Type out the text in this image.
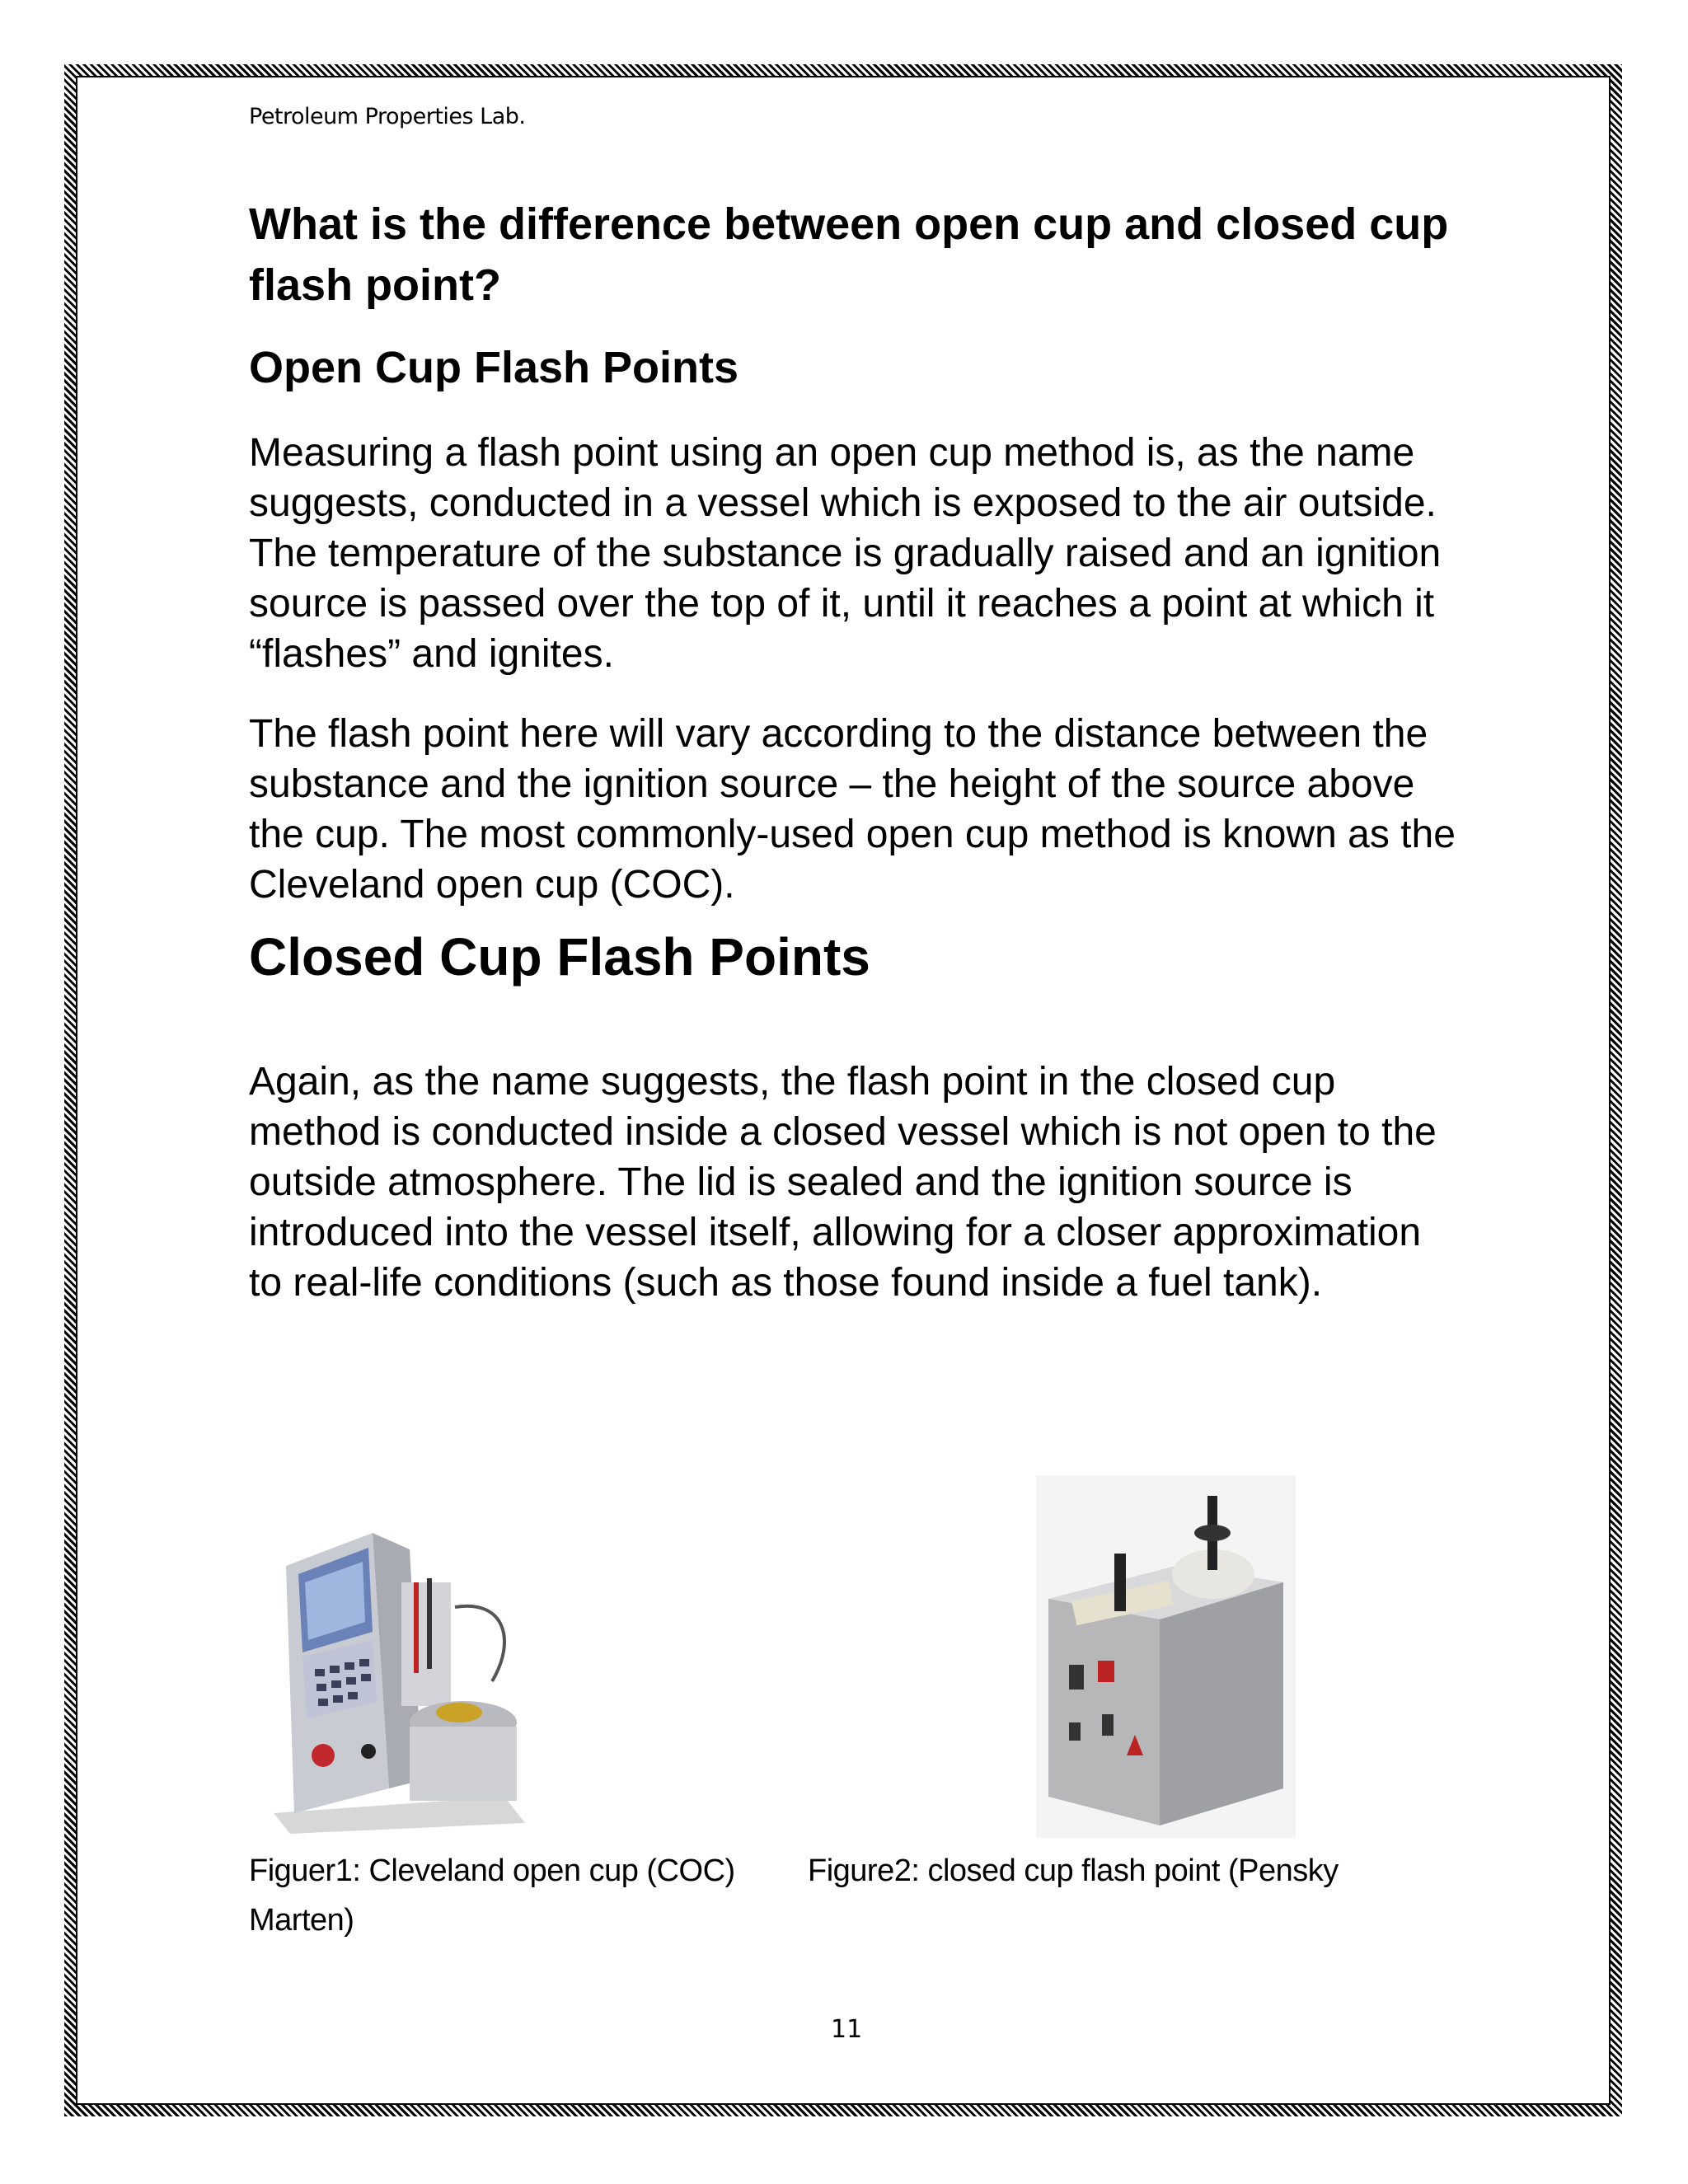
Petroleum Properties Lab.
What is the difference between open cup and closed cup flash point?
Open Cup Flash Points

Measuring a flash point using an open cup method is, as the name suggests, conducted in a vessel which is exposed to the air outside. The temperature of the substance is gradually raised and an ignition source is passed over the top of it, until it reaches a point at which it “flashes” and ignites.

The flash point here will vary according to the distance between the substance and the ignition source – the height of the source above the cup. The most commonly-used open cup method is known as the Cleveland open cup (COC).

Closed Cup Flash Points

Again, as the name suggests, the flash point in the closed cup method is conducted inside a closed vessel which is not open to the outside atmosphere. The lid is sealed and the ignition source is introduced into the vessel itself, allowing for a closer approximation to real-life conditions (such as those found inside a fuel tank).

Figuer1: Cleveland open cup (COC) Figure2: closed cup flash point (Pensky
Marten)
11
